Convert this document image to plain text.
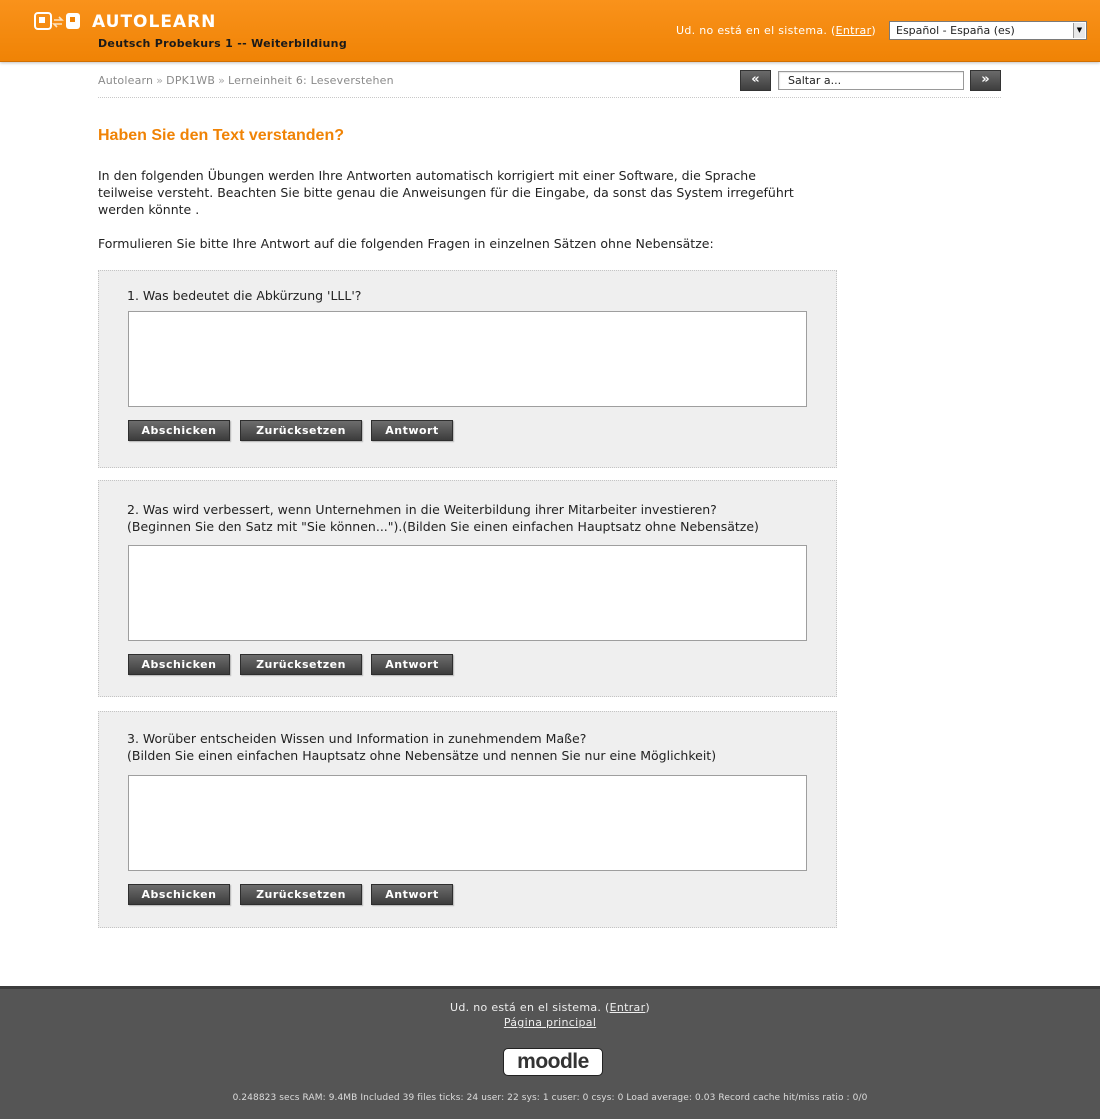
AUTOLEARN
Deutsch Probekurs 1 -- Weiterbildiung
Ud. no está en el sistema. (Entrar)	Español - España (es)	▼
Autolearn » DPK1WB » Lerneinheit 6: Leseverstehen	«	Saltar a...	»
Haben Sie den Text verstanden?
In den folgenden Übungen werden Ihre Antworten automatisch korrigiert mit einer Software, die Sprache teilweise versteht. Beachten Sie bitte genau die Anweisungen für die Eingabe, da sonst das System irregeführt werden könnte .
Formulieren Sie bitte Ihre Antwort auf die folgenden Fragen in einzelnen Sätzen ohne Nebensätze:
1. Was bedeutet die Abkürzung 'LLL'?
Abschicken	Zurücksetzen	Antwort
2. Was wird verbessert, wenn Unternehmen in die Weiterbildung ihrer Mitarbeiter investieren?
(Beginnen Sie den Satz mit "Sie können...").(Bilden Sie einen einfachen Hauptsatz ohne Nebensätze)
Abschicken	Zurücksetzen	Antwort
3. Worüber entscheiden Wissen und Information in zunehmendem Maße?
(Bilden Sie einen einfachen Hauptsatz ohne Nebensätze und nennen Sie nur eine Möglichkeit)
Abschicken	Zurücksetzen	Antwort
Ud. no está en el sistema. (Entrar)
Página principal
moodle
0.248823 secs RAM: 9.4MB Included 39 files ticks: 24 user: 22 sys: 1 cuser: 0 csys: 0 Load average: 0.03 Record cache hit/miss ratio : 0/0
